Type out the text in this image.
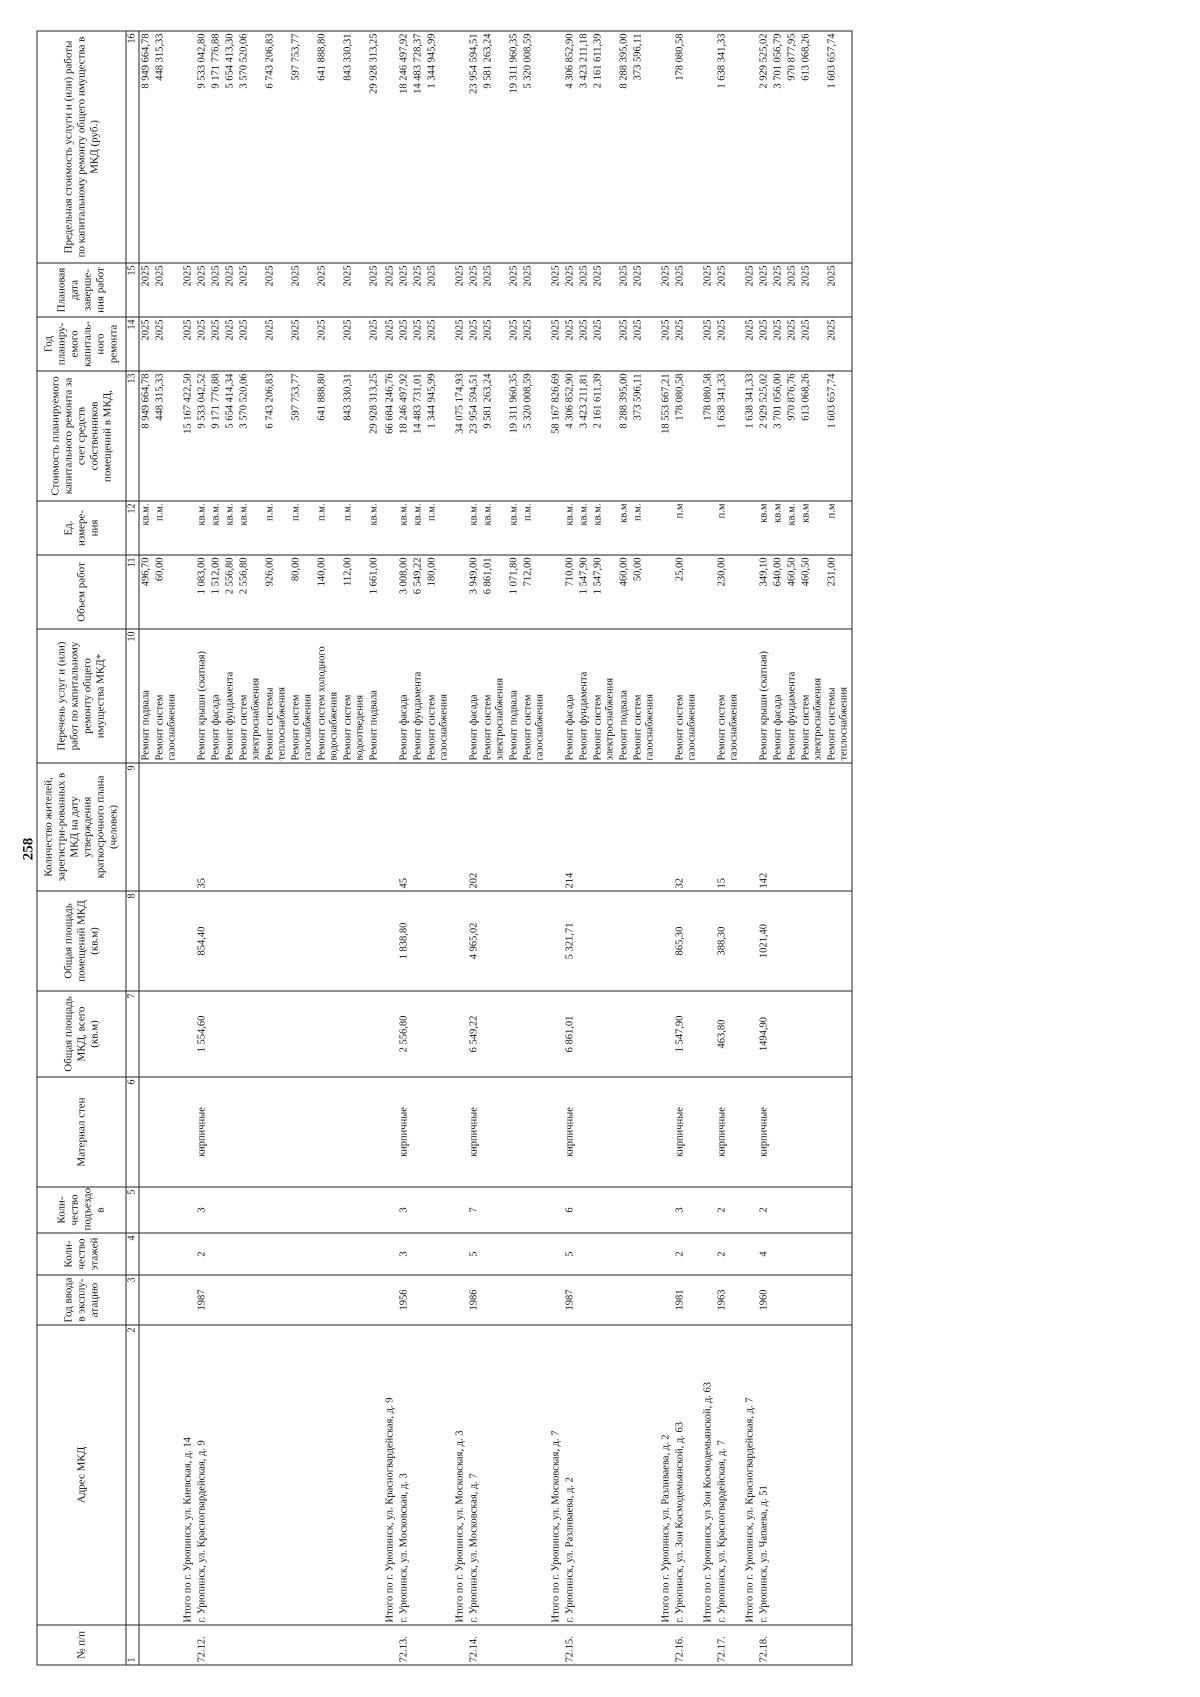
258
№ п/п	Адрес МКД	Год ввода в эксплу-атацию	Коли-чество этажей	Коли-чество подъездо в	Материал стен	Общая площадь МКД, всего (кв.м)	Общая площадь помещений МКД (кв.м)	Количество жителей, зарегистри-рованных в МКД на дату утверждения краткосрочного плана (человек)	Перечень услуг и (или) работ по капитальному ремонту общего имущества МКД*	Объем работ	Ед. измере-ния	Стоимость планируемого капитального ремонта за счет средств собственников помещений в МКД,	Год планиру-емого капиталь-ного ремонта	Плановая дата заверше-ния работ	Предельная стоимость услуги и (или) работы по капитальному ремонту общего имущества в МКД (руб.)
1	2	3	4	5	6	7	8	9	10	11	12	13	14	15	16
									Ремонт подвала	496,70	кв.м.	8 949 664,78	2025	2025	8 949 664,78
									Ремонт систем газоснабжения	60,00	п.м.	448 315,33	2025	2025	448 315,33
	Итого по г. Урюпинск, ул. Киевская, д. 14											15 167 422,50	2025	2025	
72.12.	г. Урюпинск, ул. Красногвардейская, д. 9	1987	2	3	кирпичные	1 554,60	854,40	35	Ремонт крыши (скатная)	1 083,00	кв.м.	9 533 042,52	2025	2025	9 533 042,80
									Ремонт фасада	1 512,00	кв.м.	9 171 776,88	2025	2025	9 171 776,88
									Ремонт фундамента	2 556,80	кв.м.	5 654 414,34	2025	2025	5 654 413,30
									Ремонт систем электроснабжения	2 556,80	кв.м.	3 570 520,06	2025	2025	3 570 520,06
									Ремонт системы теплоснабжения	926,00	п.м.	6 743 206,83	2025	2025	6 743 206,83
									Ремонт систем газоснабжения	80,00	п.м.	597 753,77	2025	2025	597 753,77
									Ремонт систем холодного водоснабжения	140,00	п.м.	641 888,80	2025	2025	641 888,80
									Ремонт систем водоотведения	112,00	п.м.	843 330,31	2025	2025	843 330,31
									Ремонт подвала	1 661,00	кв.м.	29 928 313,25	2025	2025	29 928 313,25
	Итого по г. Урюпинск, ул. Красногвардейская, д. 9											66 684 246,76	2025	2025	
72.13.	г. Урюпинск, ул. Московская, д. 3	1956	3	3	кирпичные	2 556,80	1 838,80	45	Ремонт фасада	3 008,00	кв.м.	18 246 497,92	2025	2025	18 246 497,92
									Ремонт фундамента	6 549,22	кв.м.	14 483 731,01	2025	2025	14 483 728,37
									Ремонт систем газоснабжения	180,00	п.м.	1 344 945,99	2025	2025	1 344 945,99
	Итого по г. Урюпинск, ул. Московская, д. 3											34 075 174,93	2025	2025	
72.14.	г. Урюпинск, ул. Московская, д. 7	1986	5	7	кирпичные	6 549,22	4 965,02	202	Ремонт фасада	3 949,00	кв.м.	23 954 594,51	2025	2025	23 954 594,51
									Ремонт систем электроснабжения	6 861,01	кв.м.	9 581 263,24	2025	2025	9 581 263,24
									Ремонт подвала	1 071,80	кв.м.	19 311 960,35	2025	2025	19 311 960,35
									Ремонт систем газоснабжения	712,00	п.м.	5 320 008,59	2025	2025	5 320 008,59
	Итого по г. Урюпинск, ул. Московская, д. 7											58 167 826,69	2025	2025	
72.15.	г. Урюпинск, ул. Разливаева, д. 2	1987	5	6	кирпичные	6 861,01	5 321,71	214	Ремонт фасада	710,00	кв.м.	4 306 852,90	2025	2025	4 306 852,90
									Ремонт фундамента	1 547,90	кв.м.	3 423 211,81	2025	2025	3 423 211,18
									Ремонт систем электроснабжения	1 547,90	кв.м.	2 161 611,39	2025	2025	2 161 611,39
									Ремонт подвала	460,00	кв.м	8 288 395,00	2025	2025	8 288 395,00
									Ремонт систем газоснабжения	50,00	п.м.	373 596,11	2025	2025	373 596,11
	Итого по г. Урюпинск, ул. Разливаева, д. 2											18 553 667,21	2025	2025	
72.16.	г. Урюпинск, ул. Зои Космодемьянской, д. 63	1981	2	3	кирпичные	1 547,90	865,30	32	Ремонт систем газоснабжения	25,00	п.м	178 080,58	2025	2025	178 080,58
	Итого по г. Урюпинск, ул Зои Космодемьянской, д. 63											178 080,58	2025	2025	
72.17.	г. Урюпинск, ул. Красногвардейская, д. 7	1963	2	2	кирпичные	463,80	388,30	15	Ремонт систем газоснабжения	230,00	п.м	1 638 341,33	2025	2025	1 638 341,33
	Итого по г. Урюпинск, ул. Красногвардейская, д. 7											1 638 341,33	2025	2025	
72.18.	г. Урюпинск, ул. Чапаева, д. 51	1960	4	2	кирпичные	1494,90	1021,40	142	Ремонт крыши (скатная)	349,10	кв.м	2 929 525,02	2025	2025	2 929 525,02
									Ремонт фасада	640,00	кв.м	3 701 056,00	2025	2025	3 701 056,79
									Ремонт фундамента	460,50	кв.м.	970 876,76	2025	2025	970 877,95
									Ремонт систем электроснабжения	460,50	кв.м	613 068,26	2025	2025	613 068,26
									Ремонт системы теплоснабжения	231,00	п.м	1 603 657,74	2025	2025	1 603 657,74
